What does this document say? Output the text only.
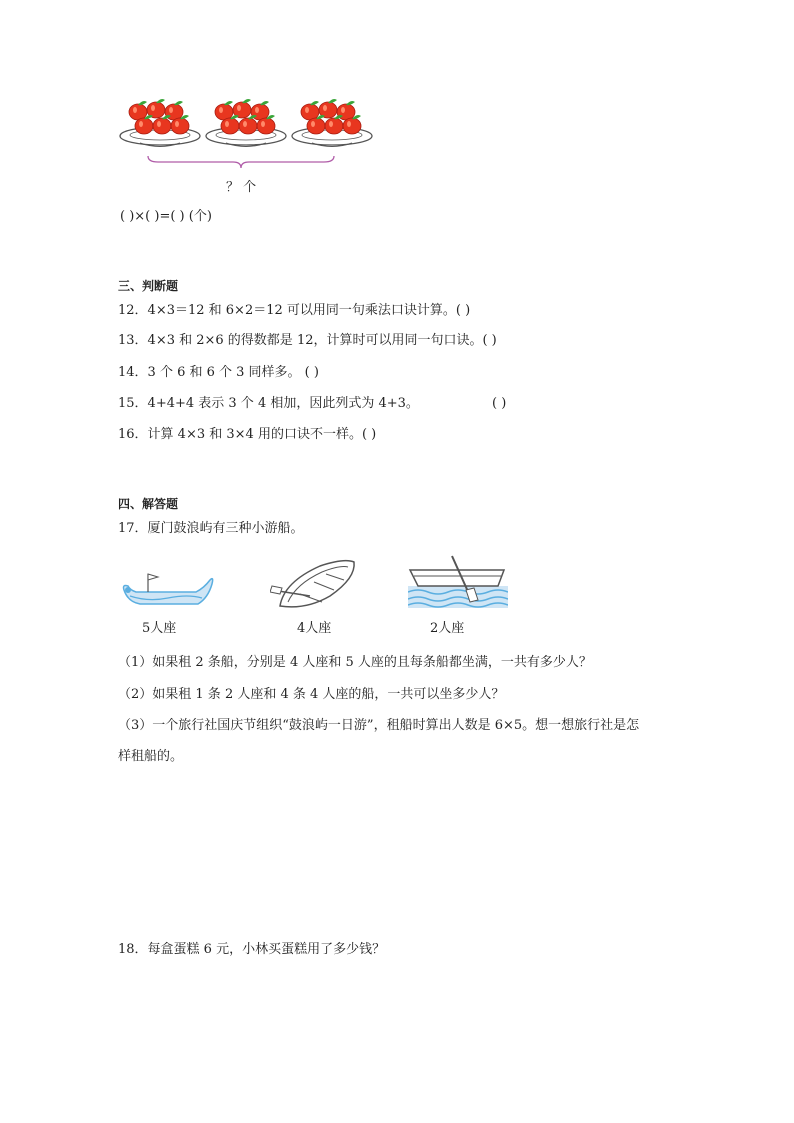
？ 个
( )×( )=( ) (个)
三、判断题
12．4×3＝12 和 6×2＝12 可以用同一句乘法口诀计算。( )
13．4×3 和 2×6 的得数都是 12，计算时可以用同一句口诀。( )
14．3 个 6 和 6 个 3 同样多。 ( )
15．4+4+4 表示 3 个 4 相加，因此列式为 4+3。	( )
16．计算 4×3 和 3×4 用的口诀不一样。( )
四、解答题
17．厦门鼓浪屿有三种小游船。
5人座	4人座	2人座
（1）如果租 2 条船，分别是 4 人座和 5 人座的且每条船都坐满，一共有多少人？
（2）如果租 1 条 2 人座和 4 条 4 人座的船，一共可以坐多少人？
（3）一个旅行社国庆节组织“鼓浪屿一日游”，租船时算出人数是 6×5。想一想旅行社是怎
样租船的。
18．每盒蛋糕 6 元，小林买蛋糕用了多少钱？
